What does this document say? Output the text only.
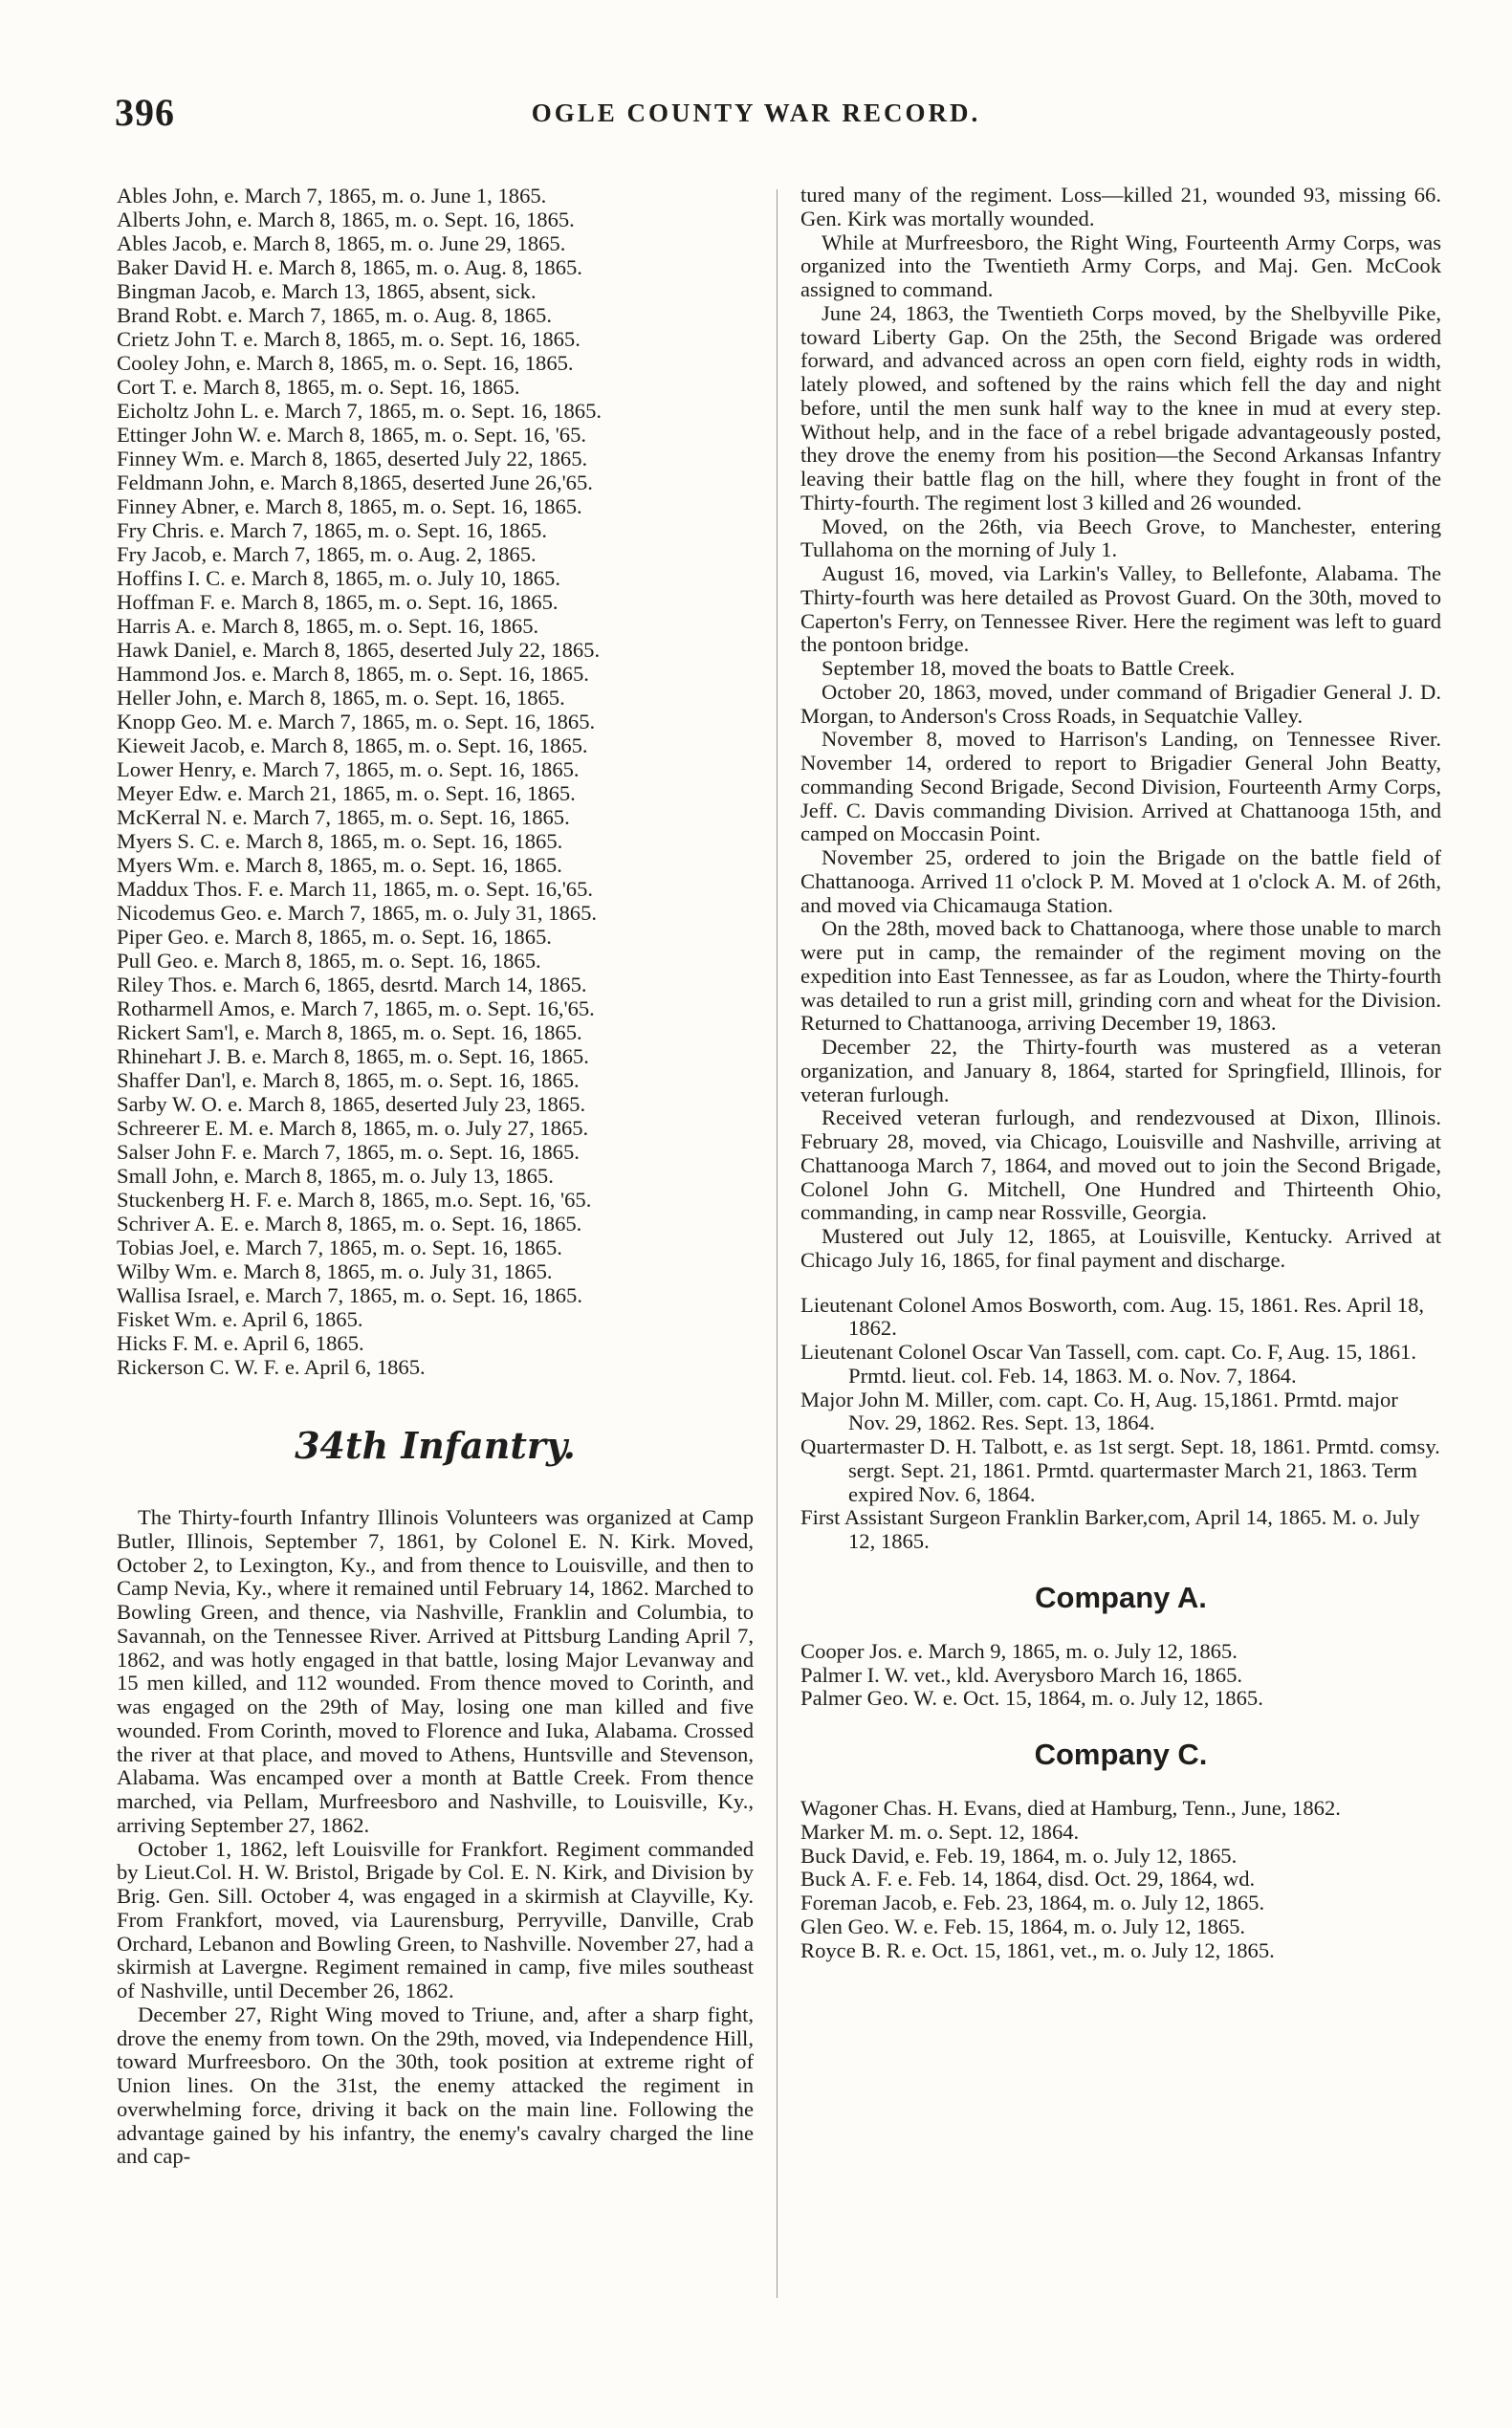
396	OGLE COUNTY WAR RECORD.

Ables John, e. March 7, 1865, m. o. June 1, 1865.

Alberts John, e. March 8, 1865, m. o. Sept. 16, 1865.

Ables Jacob, e. March 8, 1865, m. o. June 29, 1865.

Baker David H. e. March 8, 1865, m. o. Aug. 8, 1865.

Bingman Jacob, e. March 13, 1865, absent, sick.

Brand Robt. e. March 7, 1865, m. o. Aug. 8, 1865.

Crietz John T. e. March 8, 1865, m. o. Sept. 16, 1865.

Cooley John, e. March 8, 1865, m. o. Sept. 16, 1865.

Cort T. e. March 8, 1865, m. o. Sept. 16, 1865.

Eicholtz John L. e. March 7, 1865, m. o. Sept. 16, 1865.

Ettinger John W. e. March 8, 1865, m. o. Sept. 16, '65.

Finney Wm. e. March 8, 1865, deserted July 22, 1865.

Feldmann John, e. March 8,1865, deserted June 26,'65.

Finney Abner, e. March 8, 1865, m. o. Sept. 16, 1865.

Fry Chris. e. March 7, 1865, m. o. Sept. 16, 1865.

Fry Jacob, e. March 7, 1865, m. o. Aug. 2, 1865.

Hoffins I. C. e. March 8, 1865, m. o. July 10, 1865.

Hoffman F. e. March 8, 1865, m. o. Sept. 16, 1865.

Harris A. e. March 8, 1865, m. o. Sept. 16, 1865.

Hawk Daniel, e. March 8, 1865, deserted July 22, 1865.

Hammond Jos. e. March 8, 1865, m. o. Sept. 16, 1865.

Heller John, e. March 8, 1865, m. o. Sept. 16, 1865.

Knopp Geo. M. e. March 7, 1865, m. o. Sept. 16, 1865.

Kieweit Jacob, e. March 8, 1865, m. o. Sept. 16, 1865.

Lower Henry, e. March 7, 1865, m. o. Sept. 16, 1865.

Meyer Edw. e. March 21, 1865, m. o. Sept. 16, 1865.

McKerral N. e. March 7, 1865, m. o. Sept. 16, 1865.

Myers S. C. e. March 8, 1865, m. o. Sept. 16, 1865.

Myers Wm. e. March 8, 1865, m. o. Sept. 16, 1865.

Maddux Thos. F. e. March 11, 1865, m. o. Sept. 16,'65.

Nicodemus Geo. e. March 7, 1865, m. o. July 31, 1865.

Piper Geo. e. March 8, 1865, m. o. Sept. 16, 1865.

Pull Geo. e. March 8, 1865, m. o. Sept. 16, 1865.

Riley Thos. e. March 6, 1865, desrtd. March 14, 1865.

Rotharmell Amos, e. March 7, 1865, m. o. Sept. 16,'65.

Rickert Sam'l, e. March 8, 1865, m. o. Sept. 16, 1865.

Rhinehart J. B. e. March 8, 1865, m. o. Sept. 16, 1865.

Shaffer Dan'l, e. March 8, 1865, m. o. Sept. 16, 1865.

Sarby W. O. e. March 8, 1865, deserted July 23, 1865.

Schreerer E. M. e. March 8, 1865, m. o. July 27, 1865.

Salser John F. e. March 7, 1865, m. o. Sept. 16, 1865.

Small John, e. March 8, 1865, m. o. July 13, 1865.

Stuckenberg H. F. e. March 8, 1865, m.o. Sept. 16, '65.

Schriver A. E. e. March 8, 1865, m. o. Sept. 16, 1865.

Tobias Joel, e. March 7, 1865, m. o. Sept. 16, 1865.

Wilby Wm. e. March 8, 1865, m. o. July 31, 1865.

Wallisa Israel, e. March 7, 1865, m. o. Sept. 16, 1865.

Fisket Wm. e. April 6, 1865.

Hicks F. M. e. April 6, 1865.

Rickerson C. W. F. e. April 6, 1865.

34th Infantry.

The Thirty-fourth Infantry Illinois Volunteers was organized at Camp Butler, Illinois, September 7, 1861, by Colonel E. N. Kirk. Moved, October 2, to Lexington, Ky., and from thence to Louisville, and then to Camp Nevia, Ky., where it remained until February 14, 1862. Marched to Bowling Green, and thence, via Nashville, Franklin and Columbia, to Savannah, on the Tennessee River. Arrived at Pittsburg Landing April 7, 1862, and was hotly engaged in that battle, losing Major Levanway and 15 men killed, and 112 wounded. From thence moved to Corinth, and was engaged on the 29th of May, losing one man killed and five wounded. From Corinth, moved to Florence and Iuka, Alabama. Crossed the river at that place, and moved to Athens, Huntsville and Stevenson, Alabama. Was encamped over a month at Battle Creek. From thence marched, via Pellam, Murfreesboro and Nashville, to Louisville, Ky., arriving September 27, 1862.

October 1, 1862, left Louisville for Frankfort. Regiment commanded by Lieut.Col. H. W. Bristol, Brigade by Col. E. N. Kirk, and Division by Brig. Gen. Sill. October 4, was engaged in a skirmish at Clayville, Ky. From Frankfort, moved, via Laurensburg, Perryville, Danville, Crab Orchard, Lebanon and Bowling Green, to Nashville. November 27, had a skirmish at Lavergne. Regiment remained in camp, five miles southeast of Nashville, until December 26, 1862.

December 27, Right Wing moved to Triune, and, after a sharp fight, drove the enemy from town. On the 29th, moved, via Independence Hill, toward Murfreesboro. On the 30th, took position at extreme right of Union lines. On the 31st, the enemy attacked the regiment in overwhelming force, driving it back on the main line. Following the advantage gained by his infantry, the enemy's cavalry charged the line and cap-

tured many of the regiment. Loss—killed 21, wounded 93, missing 66. Gen. Kirk was mortally wounded.

While at Murfreesboro, the Right Wing, Fourteenth Army Corps, was organized into the Twentieth Army Corps, and Maj. Gen. McCook assigned to command.

June 24, 1863, the Twentieth Corps moved, by the Shelbyville Pike, toward Liberty Gap. On the 25th, the Second Brigade was ordered forward, and advanced across an open corn field, eighty rods in width, lately plowed, and softened by the rains which fell the day and night before, until the men sunk half way to the knee in mud at every step. Without help, and in the face of a rebel brigade advantageously posted, they drove the enemy from his position—the Second Arkansas Infantry leaving their battle flag on the hill, where they fought in front of the Thirty-fourth. The regiment lost 3 killed and 26 wounded.

Moved, on the 26th, via Beech Grove, to Manchester, entering Tullahoma on the morning of July 1.

August 16, moved, via Larkin's Valley, to Bellefonte, Alabama. The Thirty-fourth was here detailed as Provost Guard. On the 30th, moved to Caperton's Ferry, on Tennessee River. Here the regiment was left to guard the pontoon bridge.

September 18, moved the boats to Battle Creek.

October 20, 1863, moved, under command of Brigadier General J. D. Morgan, to Anderson's Cross Roads, in Sequatchie Valley.

November 8, moved to Harrison's Landing, on Tennessee River. November 14, ordered to report to Brigadier General John Beatty, commanding Second Brigade, Second Division, Fourteenth Army Corps, Jeff. C. Davis commanding Division. Arrived at Chattanooga 15th, and camped on Moccasin Point.

November 25, ordered to join the Brigade on the battle field of Chattanooga. Arrived 11 o'clock P. M. Moved at 1 o'clock A. M. of 26th, and moved via Chicamauga Station.

On the 28th, moved back to Chattanooga, where those unable to march were put in camp, the remainder of the regiment moving on the expedition into East Tennessee, as far as Loudon, where the Thirty-fourth was detailed to run a grist mill, grinding corn and wheat for the Division. Returned to Chattanooga, arriving December 19, 1863.

December 22, the Thirty-fourth was mustered as a veteran organization, and January 8, 1864, started for Springfield, Illinois, for veteran furlough.

Received veteran furlough, and rendezvoused at Dixon, Illinois. February 28, moved, via Chicago, Louisville and Nashville, arriving at Chattanooga March 7, 1864, and moved out to join the Second Brigade, Colonel John G. Mitchell, One Hundred and Thirteenth Ohio, commanding, in camp near Rossville, Georgia.

Mustered out July 12, 1865, at Louisville, Kentucky. Arrived at Chicago July 16, 1865, for final payment and discharge.

Lieutenant Colonel Amos Bosworth, com. Aug. 15, 1861. Res. April 18, 1862.

Lieutenant Colonel Oscar Van Tassell, com. capt. Co. F, Aug. 15, 1861. Prmtd. lieut. col. Feb. 14, 1863. M. o. Nov. 7, 1864.

Major John M. Miller, com. capt. Co. H, Aug. 15,1861. Prmtd. major Nov. 29, 1862. Res. Sept. 13, 1864.

Quartermaster D. H. Talbott, e. as 1st sergt. Sept. 18, 1861. Prmtd. comsy. sergt. Sept. 21, 1861. Prmtd. quartermaster March 21, 1863. Term expired Nov. 6, 1864.

First Assistant Surgeon Franklin Barker,com, April 14, 1865. M. o. July 12, 1865.

Company A.

Cooper Jos. e. March 9, 1865, m. o. July 12, 1865.

Palmer I. W. vet., kld. Averysboro March 16, 1865.

Palmer Geo. W. e. Oct. 15, 1864, m. o. July 12, 1865.

Company C.

Wagoner Chas. H. Evans, died at Hamburg, Tenn., June, 1862.

Marker M. m. o. Sept. 12, 1864.

Buck David, e. Feb. 19, 1864, m. o. July 12, 1865.

Buck A. F. e. Feb. 14, 1864, disd. Oct. 29, 1864, wd.

Foreman Jacob, e. Feb. 23, 1864, m. o. July 12, 1865.

Glen Geo. W. e. Feb. 15, 1864, m. o. July 12, 1865.

Royce B. R. e. Oct. 15, 1861, vet., m. o. July 12, 1865.
